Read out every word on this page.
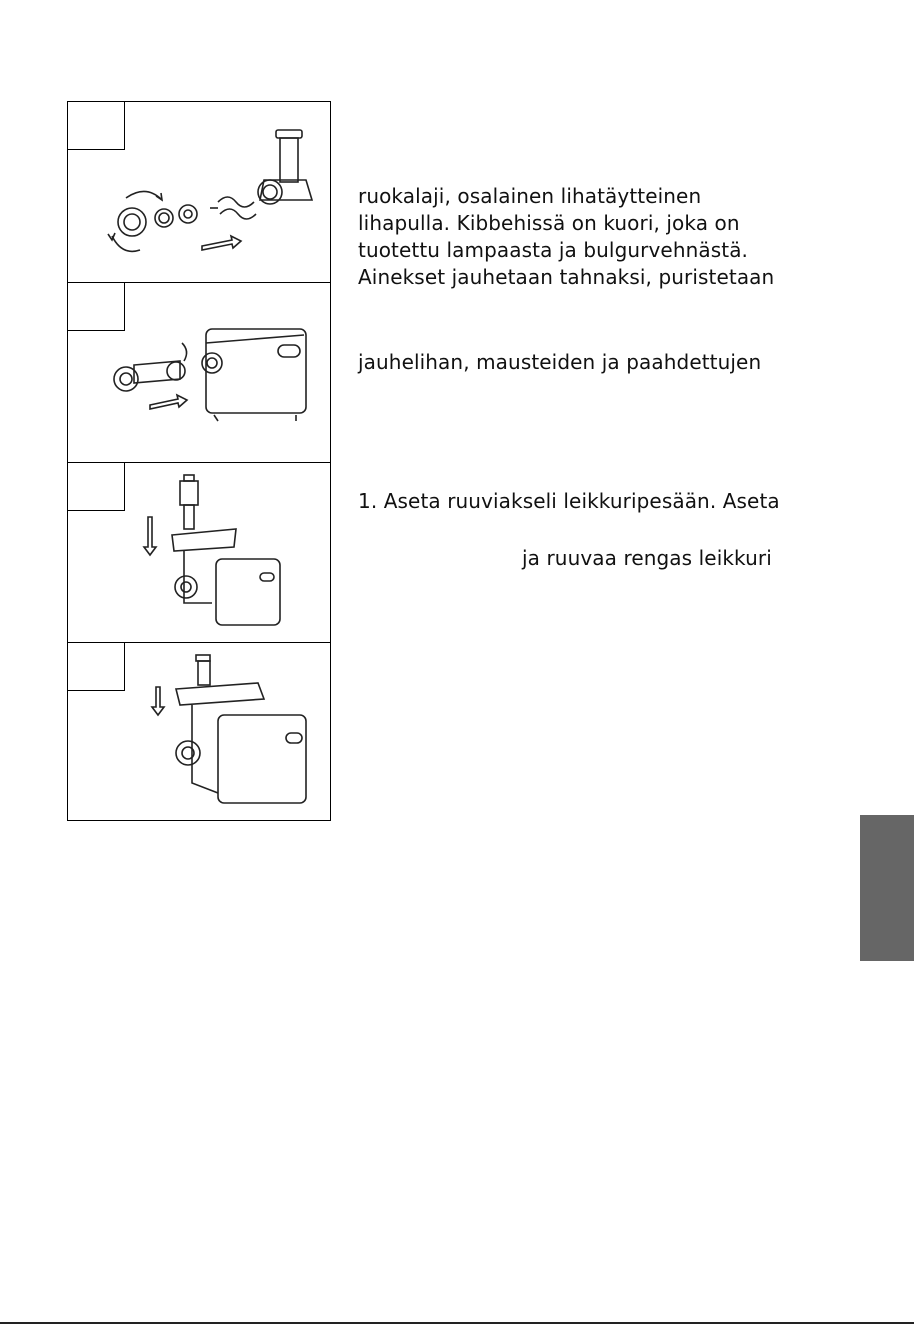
ruokalaji, osalainen lihatäytteinen
lihapulla. Kibbehissä on kuori, joka on
tuotettu lampaasta ja bulgurvehnästä.
Ainekset jauhetaan tahnaksi, puristetaan
jauhelihan, mausteiden ja paahdettujen
1. Aseta ruuviakseli leikkuripesään. Aseta
ja ruuvaa rengas leikkuri
